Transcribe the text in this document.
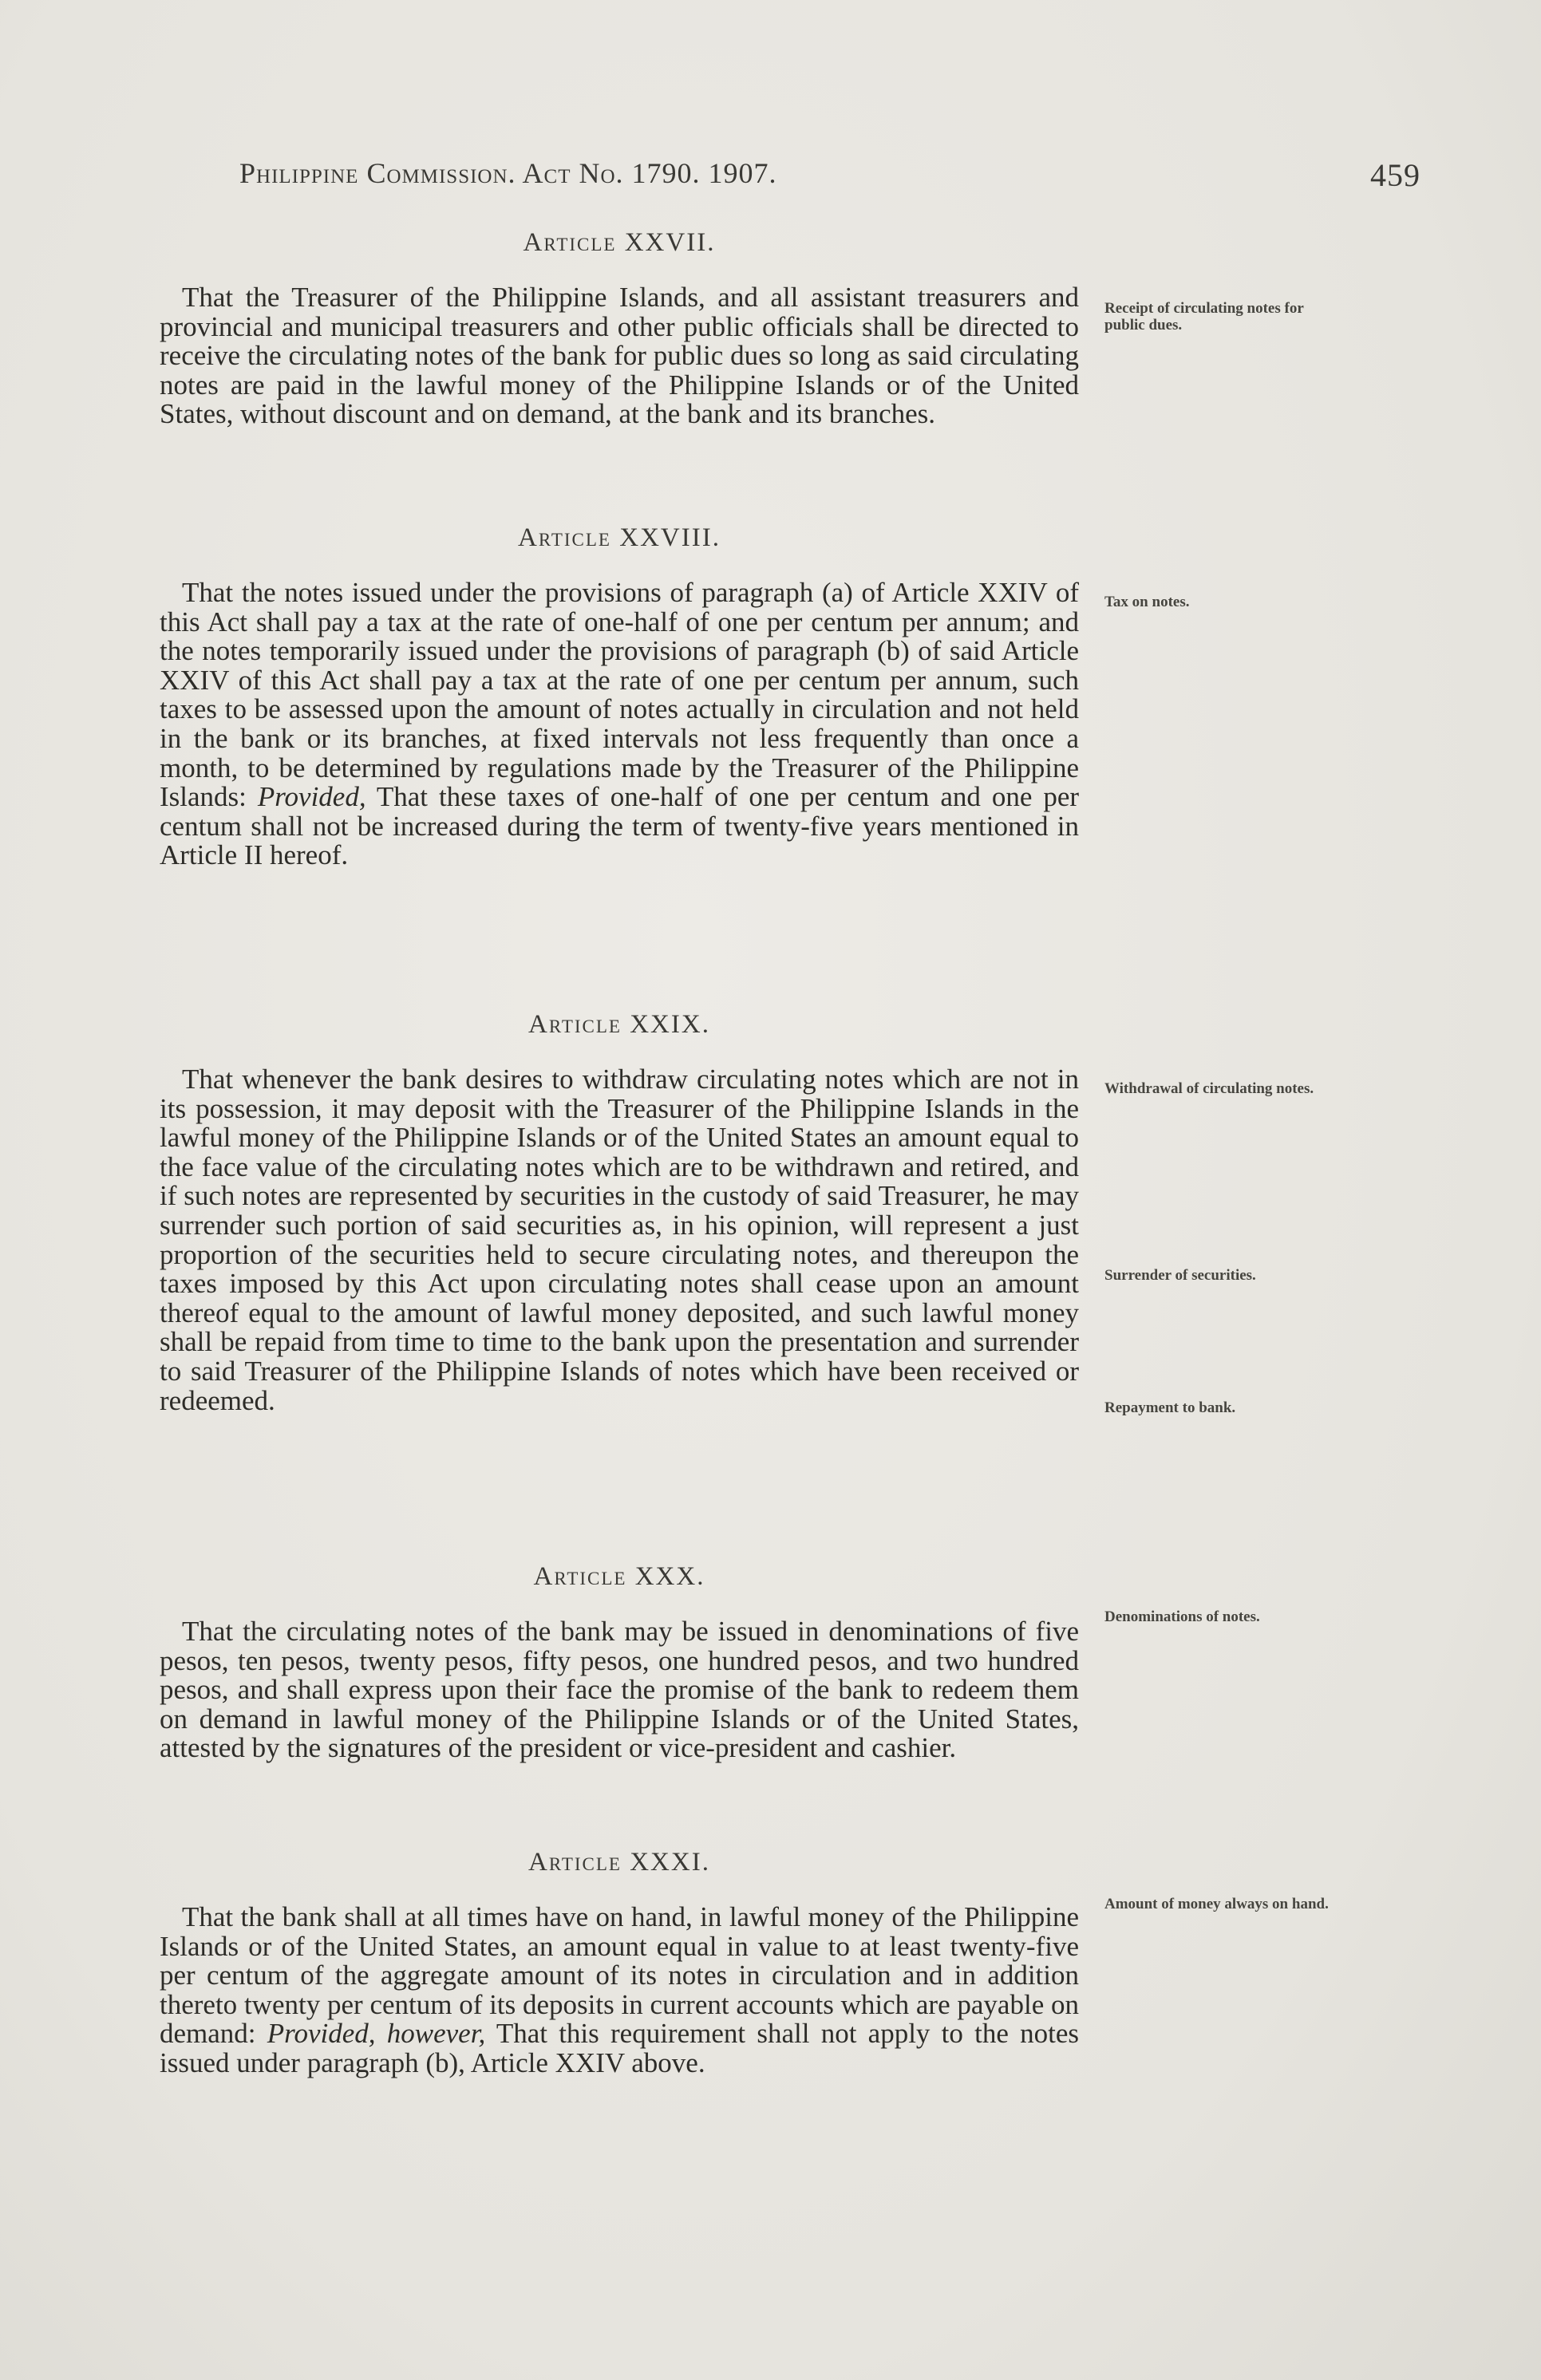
Philippine Commission. Act No. 1790. 1907.	459
Article XXVII.

That the Treasurer of the Philippine Islands, and all assistant treasurers and provincial and municipal treasurers and other public officials shall be directed to receive the circulating notes of the bank for public dues so long as said circulating notes are paid in the lawful money of the Philippine Islands or of the United States, without discount and on demand, at the bank and its branches.

Article XXVIII.

That the notes issued under the provisions of paragraph (a) of Article XXIV of this Act shall pay a tax at the rate of one-half of one per centum per annum; and the notes temporarily issued under the provisions of paragraph (b) of said Article XXIV of this Act shall pay a tax at the rate of one per centum per annum, such taxes to be assessed upon the amount of notes actually in circulation and not held in the bank or its branches, at fixed intervals not less frequently than once a month, to be determined by regulations made by the Treasurer of the Philippine Islands: Provided, That these taxes of one-half of one per centum and one per centum shall not be increased during the term of twenty-five years mentioned in Article II hereof.

Article XXIX.

That whenever the bank desires to withdraw circulating notes which are not in its possession, it may deposit with the Treasurer of the Philippine Islands in the lawful money of the Philippine Islands or of the United States an amount equal to the face value of the circulating notes which are to be withdrawn and retired, and if such notes are represented by securities in the custody of said Treasurer, he may surrender such portion of said securities as, in his opinion, will represent a just proportion of the securities held to secure circulating notes, and thereupon the taxes imposed by this Act upon circulating notes shall cease upon an amount thereof equal to the amount of lawful money deposited, and such lawful money shall be repaid from time to time to the bank upon the presentation and surrender to said Treasurer of the Philippine Islands of notes which have been received or redeemed.

Article XXX.

That the circulating notes of the bank may be issued in denominations of five pesos, ten pesos, twenty pesos, fifty pesos, one hundred pesos, and two hundred pesos, and shall express upon their face the promise of the bank to redeem them on demand in lawful money of the Philippine Islands or of the United States, attested by the signatures of the president or vice-president and cashier.

Article XXXI.

That the bank shall at all times have on hand, in lawful money of the Philippine Islands or of the United States, an amount equal in value to at least twenty-five per centum of the aggregate amount of its notes in circulation and in addition thereto twenty per centum of its deposits in current accounts which are payable on demand: Provided, however, That this requirement shall not apply to the notes issued under paragraph (b), Article XXIV above.

Receipt of circulating notes for public dues.
Tax on notes.
Withdrawal of circulating notes.
Surrender of securities.
Repayment to bank.
Denominations of notes.
Amount of money always on hand.
